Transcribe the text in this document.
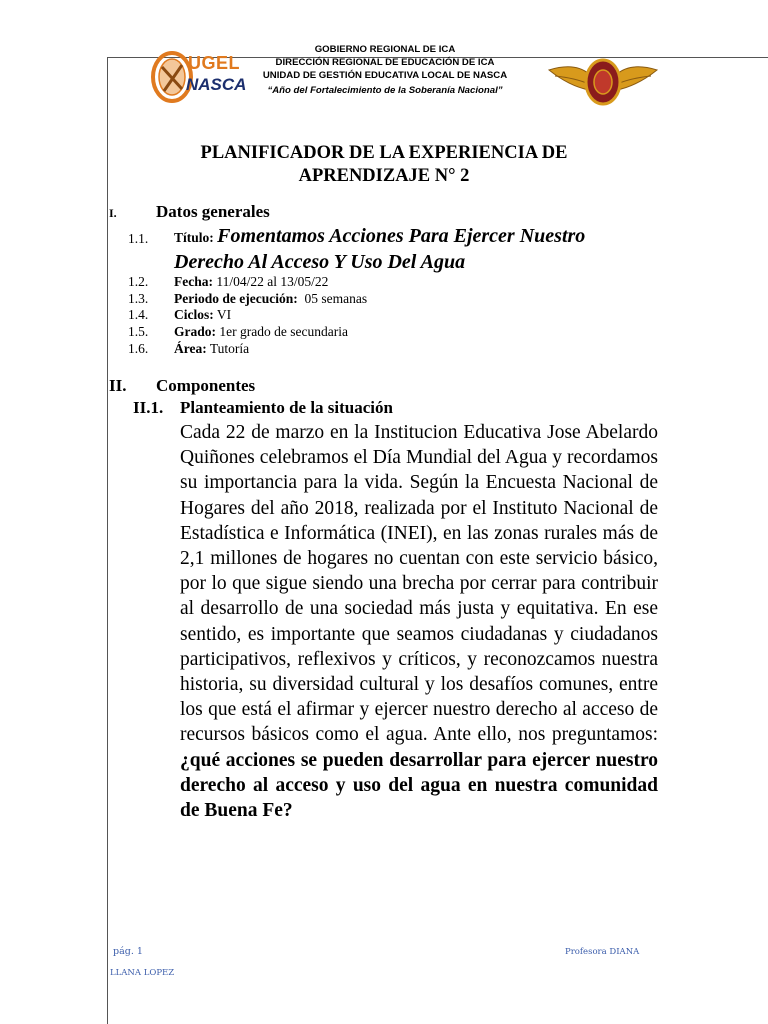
UGEL
NASCA
GOBIERNO REGIONAL DE ICA
DIRECCIÓN REGIONAL DE EDUCACIÓN DE ICA
UNIDAD DE GESTIÓN EDUCATIVA LOCAL DE NASCA
“Año del Fortalecimiento de la Soberanía Nacional”
PLANIFICADOR DE LA EXPERIENCIA DE
APRENDIZAJE N° 2
I. Datos generales
1.1. Título: Fomentamos Acciones Para Ejercer Nuestro
Derecho Al Acceso Y Uso Del Agua
1.2. Fecha: 11/04/22 al 13/05/22
1.3. Periodo de ejecución: 05 semanas
1.4. Ciclos: VI
1.5. Grado: 1er grado de secundaria
1.6. Área: Tutoría
II. Componentes
II.1. Planteamiento de la situación
Cada 22 de marzo en la Institucion Educativa Jose Abelardo Quiñones celebramos el Día Mundial del Agua y recordamos su importancia para la vida. Según la Encuesta Nacional de Hogares del año 2018, realizada por el Instituto Nacional de Estadística e Informática (INEI), en las zonas rurales más de 2,1 millones de hogares no cuentan con este servicio básico, por lo que sigue siendo una brecha por cerrar para contribuir al desarrollo de una sociedad más justa y equitativa. En ese sentido, es importante que seamos ciudadanas y ciudadanos participativos, reflexivos y críticos, y reconozcamos nuestra historia, su diversidad cultural y los desafíos comunes, entre los que está el afirmar y ejercer nuestro derecho al acceso de recursos básicos como el agua. Ante ello, nos preguntamos: ¿qué acciones se pueden desarrollar para ejercer nuestro derecho al acceso y uso del agua en nuestra comunidad de Buena Fe?
pág. 1	Profesora DIANA
LLANA LOPEZ
